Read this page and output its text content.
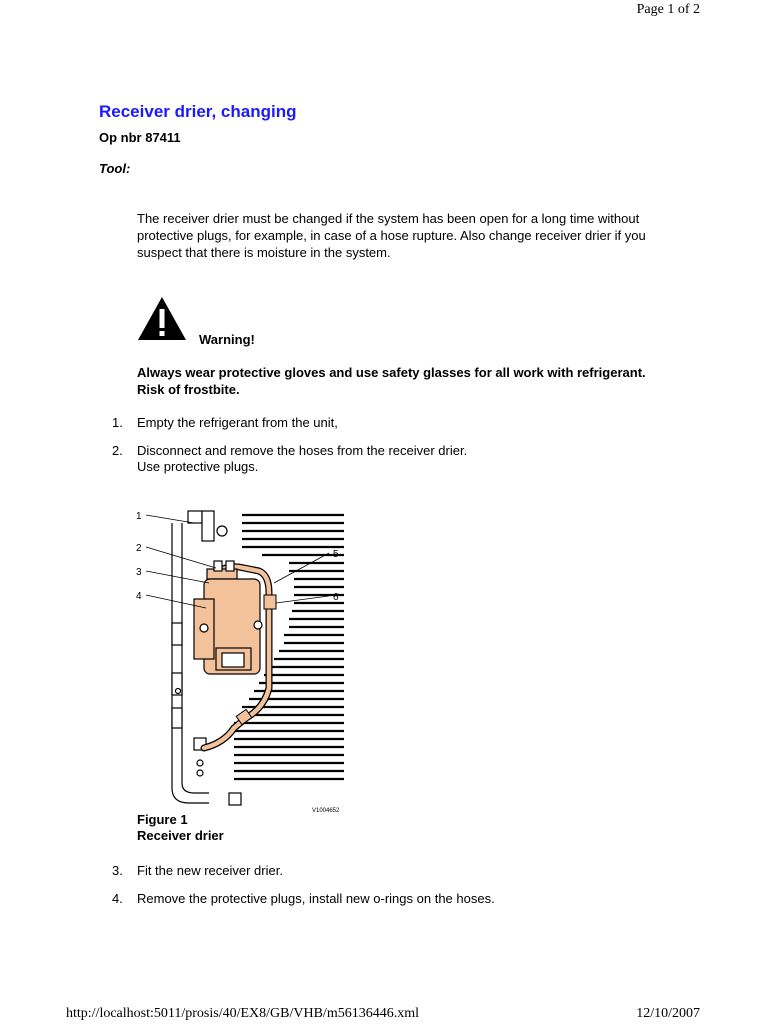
Page 1 of 2
Receiver drier, changing
Op nbr 87411
Tool:
The receiver drier must be changed if the system has been open for a long time without protective plugs, for example, in case of a hose rupture. Also change receiver drier if you suspect that there is moisture in the system.
Warning!
Always wear protective gloves and use safety glasses for all work with refrigerant. Risk of frostbite.
1. Empty the refrigerant from the unit,
2. Disconnect and remove the hoses from the receiver drier.
Use protective plugs.
1
2
3
4
5
6
V1004652
Figure 1
Receiver drier
3. Fit the new receiver drier.
4. Remove the protective plugs, install new o-rings on the hoses.
http://localhost:5011/prosis/40/EX8/GB/VHB/m56136446.xml	12/10/2007
